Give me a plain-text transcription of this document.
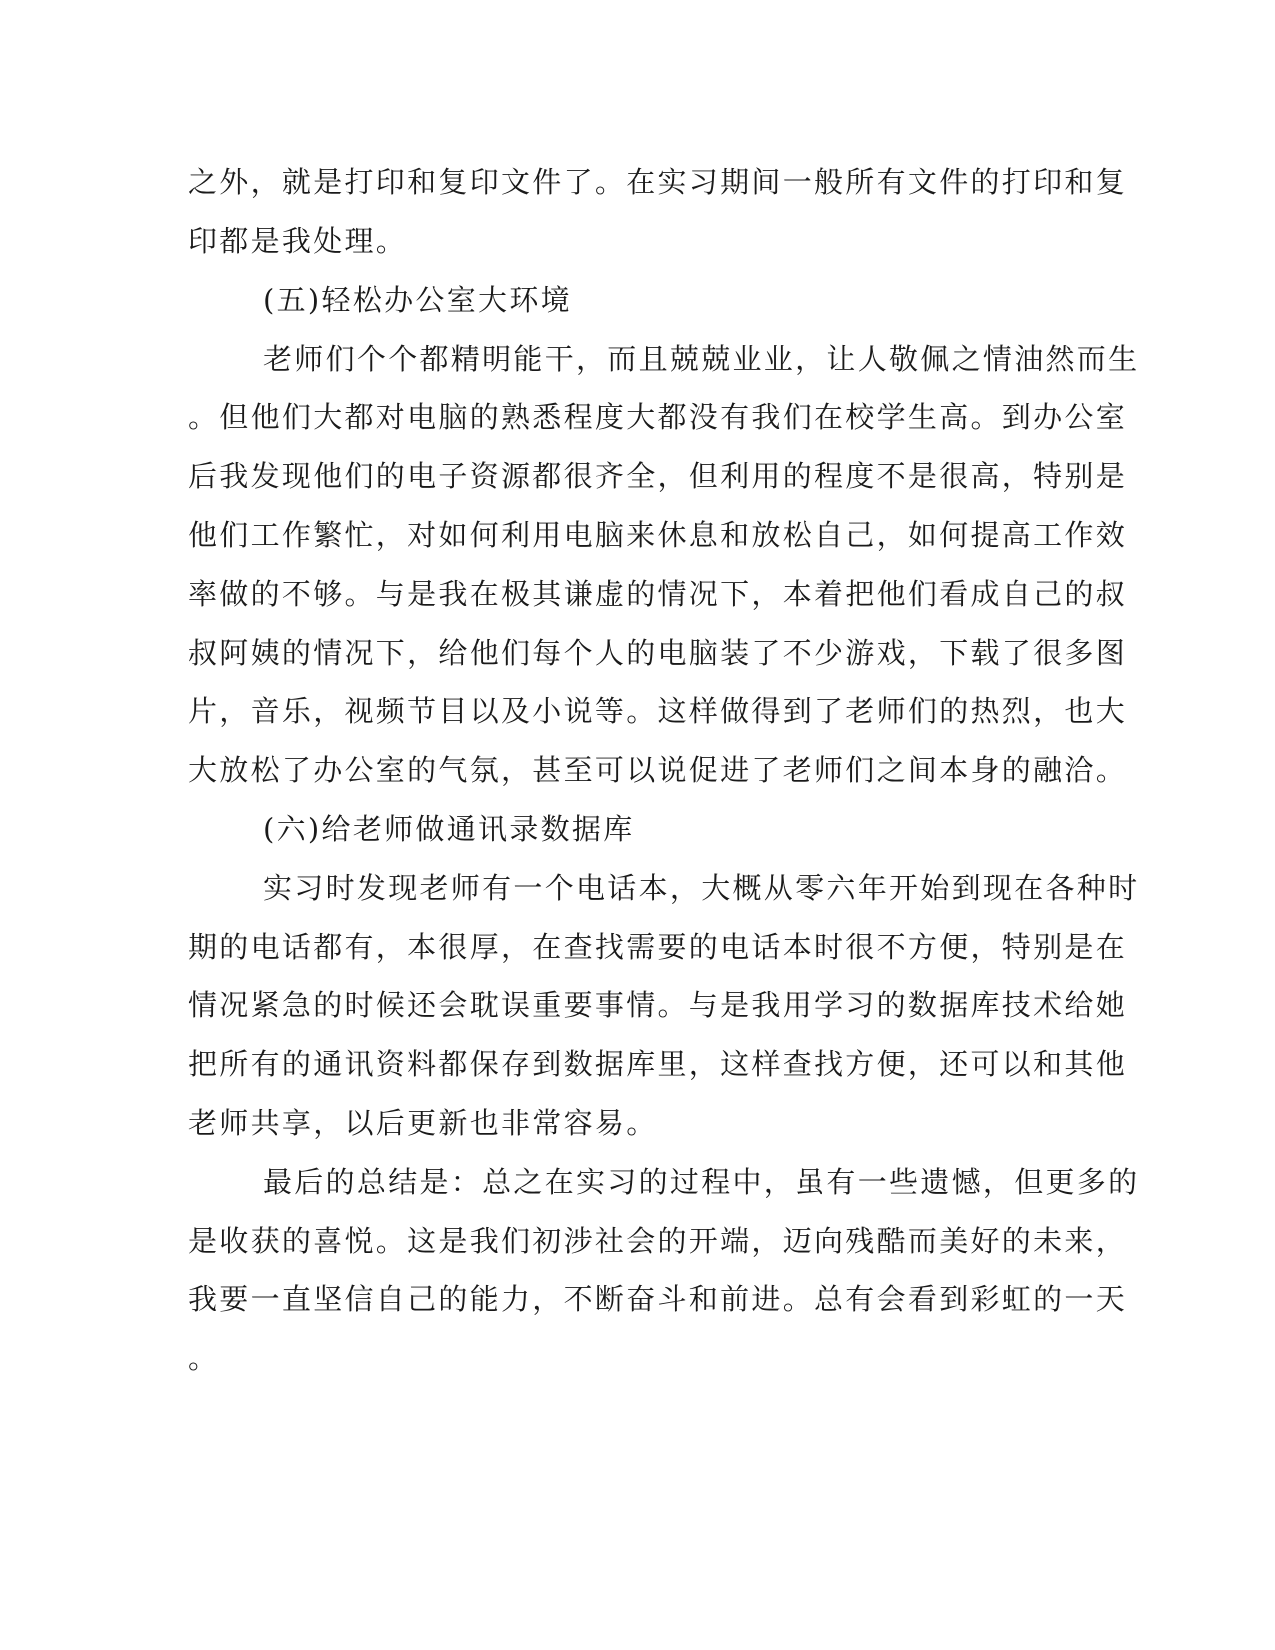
之外，就是打印和复印文件了。在实习期间一般所有文件的打印和复

印都是我处理。

(五)轻松办公室大环境

老师们个个都精明能干，而且兢兢业业，让人敬佩之情油然而生

。但他们大都对电脑的熟悉程度大都没有我们在校学生高。到办公室

后我发现他们的电子资源都很齐全，但利用的程度不是很高，特别是

他们工作繁忙，对如何利用电脑来休息和放松自己，如何提高工作效

率做的不够。与是我在极其谦虚的情况下，本着把他们看成自己的叔

叔阿姨的情况下，给他们每个人的电脑装了不少游戏，下载了很多图

片，音乐，视频节目以及小说等。这样做得到了老师们的热烈，也大

大放松了办公室的气氛，甚至可以说促进了老师们之间本身的融洽。

(六)给老师做通讯录数据库

实习时发现老师有一个电话本，大概从零六年开始到现在各种时

期的电话都有，本很厚，在查找需要的电话本时很不方便，特别是在

情况紧急的时候还会耽误重要事情。与是我用学习的数据库技术给她

把所有的通讯资料都保存到数据库里，这样查找方便，还可以和其他

老师共享，以后更新也非常容易。

最后的总结是：总之在实习的过程中，虽有一些遗憾，但更多的

是收获的喜悦。这是我们初涉社会的开端，迈向残酷而美好的未来，

我要一直坚信自己的能力，不断奋斗和前进。总有会看到彩虹的一天

。
